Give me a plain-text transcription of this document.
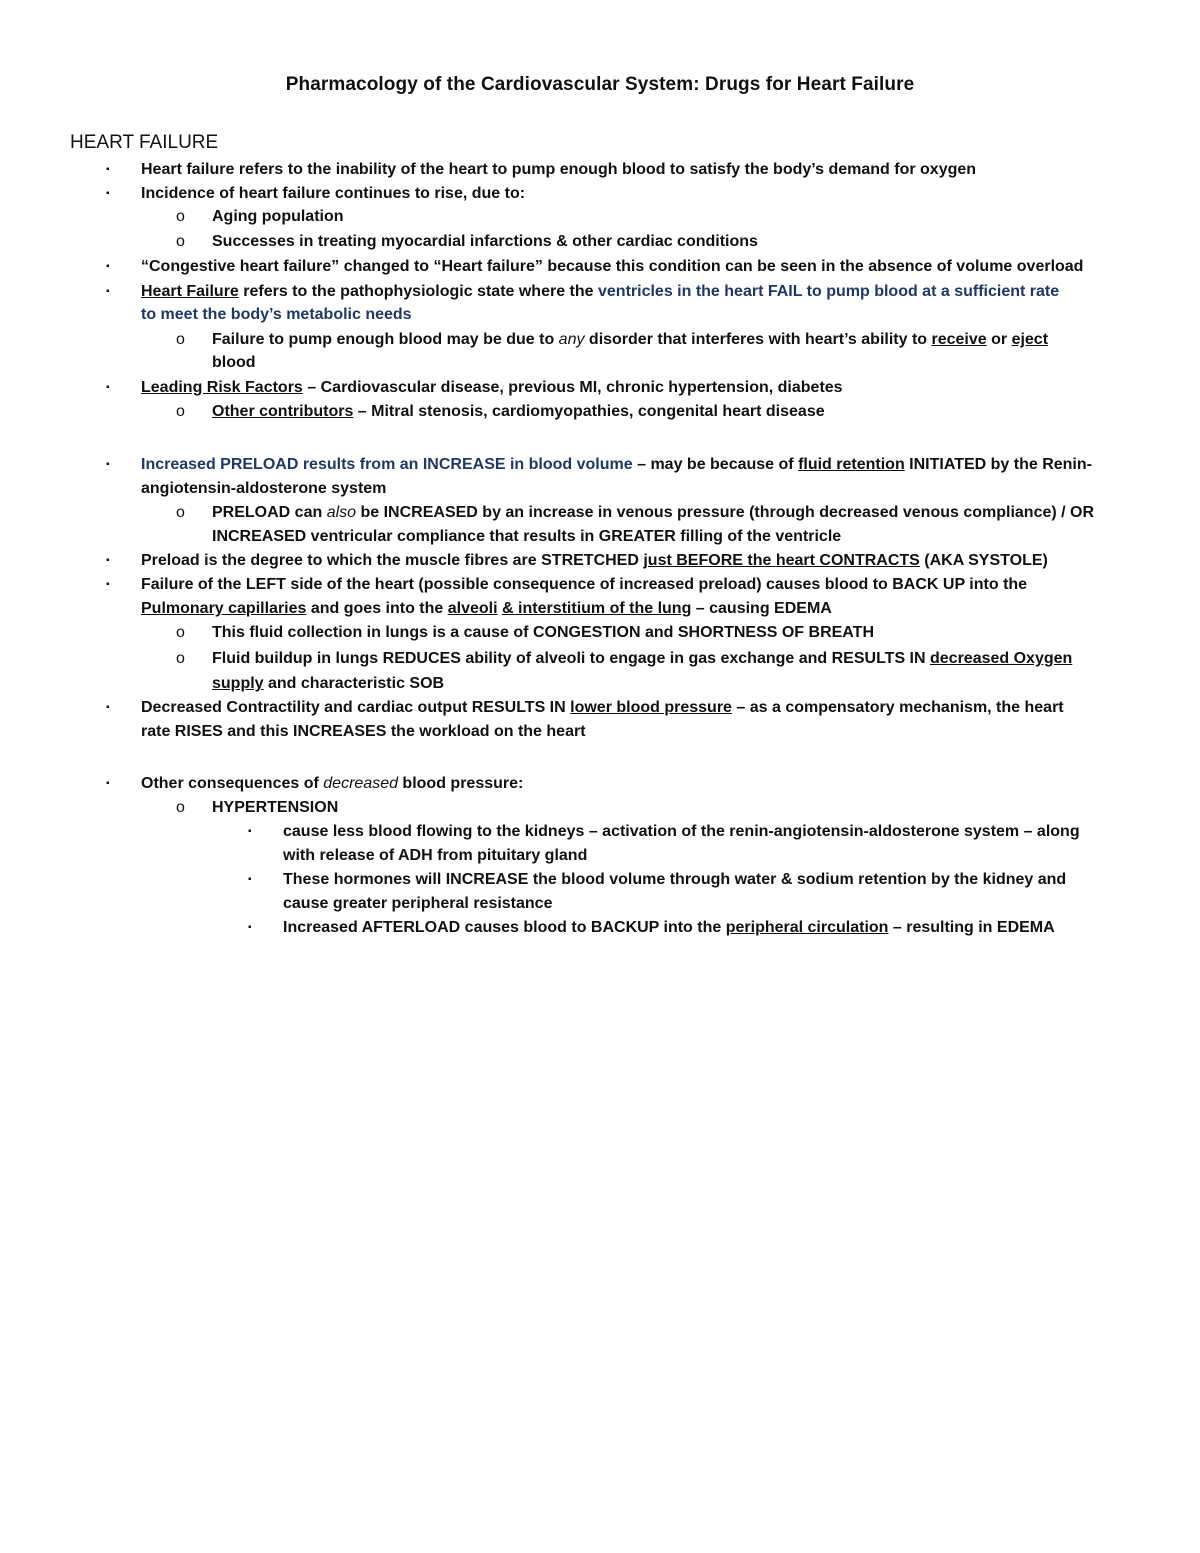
Pharmacology of the Cardiovascular System: Drugs for Heart Failure
HEART FAILURE
▪ Heart failure refers to the inability of the heart to pump enough blood to satisfy the body’s demand for oxygen
▪ Incidence of heart failure continues to rise, due to:
o Aging population
o Successes in treating myocardial infarctions & other cardiac conditions
▪ “Congestive heart failure” changed to “Heart failure” because this condition can be seen in the absence of volume overload
▪ Heart Failure refers to the pathophysiologic state where the ventricles in the heart FAIL to pump blood at a sufficient rate
to meet the body’s metabolic needs
o Failure to pump enough blood may be due to any disorder that interferes with heart’s ability to receive or eject
blood
▪ Leading Risk Factors – Cardiovascular disease, previous MI, chronic hypertension, diabetes
o Other contributors – Mitral stenosis, cardiomyopathies, congenital heart disease
▪ Increased PRELOAD results from an INCREASE in blood volume – may be because of fluid retention INITIATED by the Renin-
angiotensin-aldosterone system
o PRELOAD can also be INCREASED by an increase in venous pressure (through decreased venous compliance) / OR
INCREASED ventricular compliance that results in GREATER filling of the ventricle
▪ Preload is the degree to which the muscle fibres are STRETCHED just BEFORE the heart CONTRACTS (AKA SYSTOLE)
▪ Failure of the LEFT side of the heart (possible consequence of increased preload) causes blood to BACK UP into the
Pulmonary capillaries and goes into the alveoli & interstitium of the lung – causing EDEMA
o This fluid collection in lungs is a cause of CONGESTION and SHORTNESS OF BREATH
o Fluid buildup in lungs REDUCES ability of alveoli to engage in gas exchange and RESULTS IN decreased Oxygen
supply and characteristic SOB
▪ Decreased Contractility and cardiac output RESULTS IN lower blood pressure – as a compensatory mechanism, the heart
rate RISES and this INCREASES the workload on the heart
▪ Other consequences of decreased blood pressure:
o HYPERTENSION
▪ cause less blood flowing to the kidneys – activation of the renin-angiotensin-aldosterone system – along
with release of ADH from pituitary gland
▪ These hormones will INCREASE the blood volume through water & sodium retention by the kidney and
cause greater peripheral resistance
▪ Increased AFTERLOAD causes blood to BACKUP into the peripheral circulation – resulting in EDEMA
